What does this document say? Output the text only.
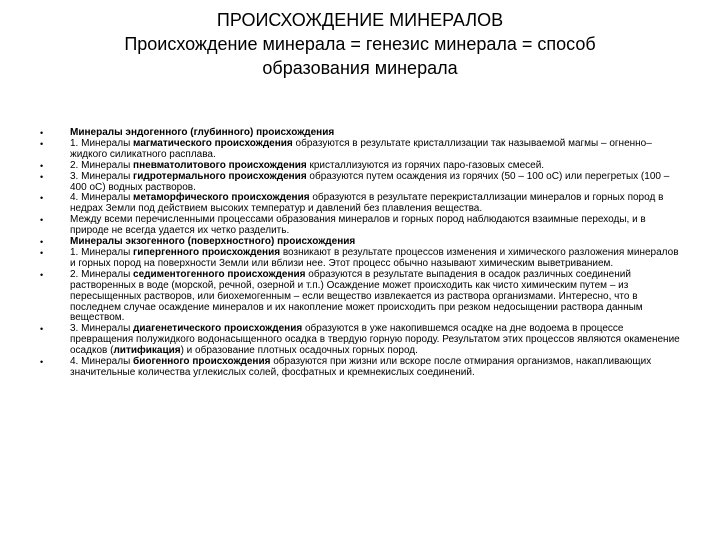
ПРОИСХОЖДЕНИЕ МИНЕРАЛОВ
Происхождение минерала = генезис минерала = способ
образования минерала
• Минералы эндогенного (глубинного) происхождения
• 1. Минералы магматического происхождения образуются в результате кристаллизации так называемой магмы – огненно–жидкого силикатного расплава.
• 2. Минералы пневматолитового происхождения кристаллизуются из горячих паро-газовых смесей.
• 3. Минералы гидротермального происхождения образуются путем осаждения из горячих (50 – 100 оС) или перегретых (100 – 400 оС) водных растворов.
• 4. Минералы метаморфического происхождения образуются в результате перекристаллизации минералов и горных пород в недрах Земли под действием высоких температур и давлений без плавления вещества.
• Между всеми перечисленными процессами образования минералов и горных пород наблюдаются взаимные переходы, и в природе не всегда удается их четко разделить.
• Минералы экзогенного (поверхностного) происхождения
• 1. Минералы гипергенного происхождения возникают в результате процессов изменения и химического разложения минералов и горных пород на поверхности Земли или вблизи нее. Этот процесс обычно называют химическим выветриванием.
• 2. Минералы седиментогенного происхождения образуются в результате выпадения в осадок различных соединений растворенных в воде (морской, речной, озерной и т.п.) Осаждение может происходить как чисто химическим путем – из пересыщенных растворов, или биохемогенным – если вещество извлекается из раствора организмами. Интересно, что в последнем случае осаждение минералов и их накопление может происходить при резком недосыщении раствора данным веществом.
• 3. Минералы диагенетического происхождения образуются в уже накопившемся осадке на дне водоема в процессе превращения полужидкого водонасыщенного осадка в твердую горную породу. Результатом этих процессов являются окаменение осадков (литификация) и образование плотных осадочных горных пород.
• 4. Минералы биогенного происхождения образуются при жизни или вскоре после отмирания организмов, накапливающих значительные количества углекислых солей, фосфатных и кремнекислых соединений.
